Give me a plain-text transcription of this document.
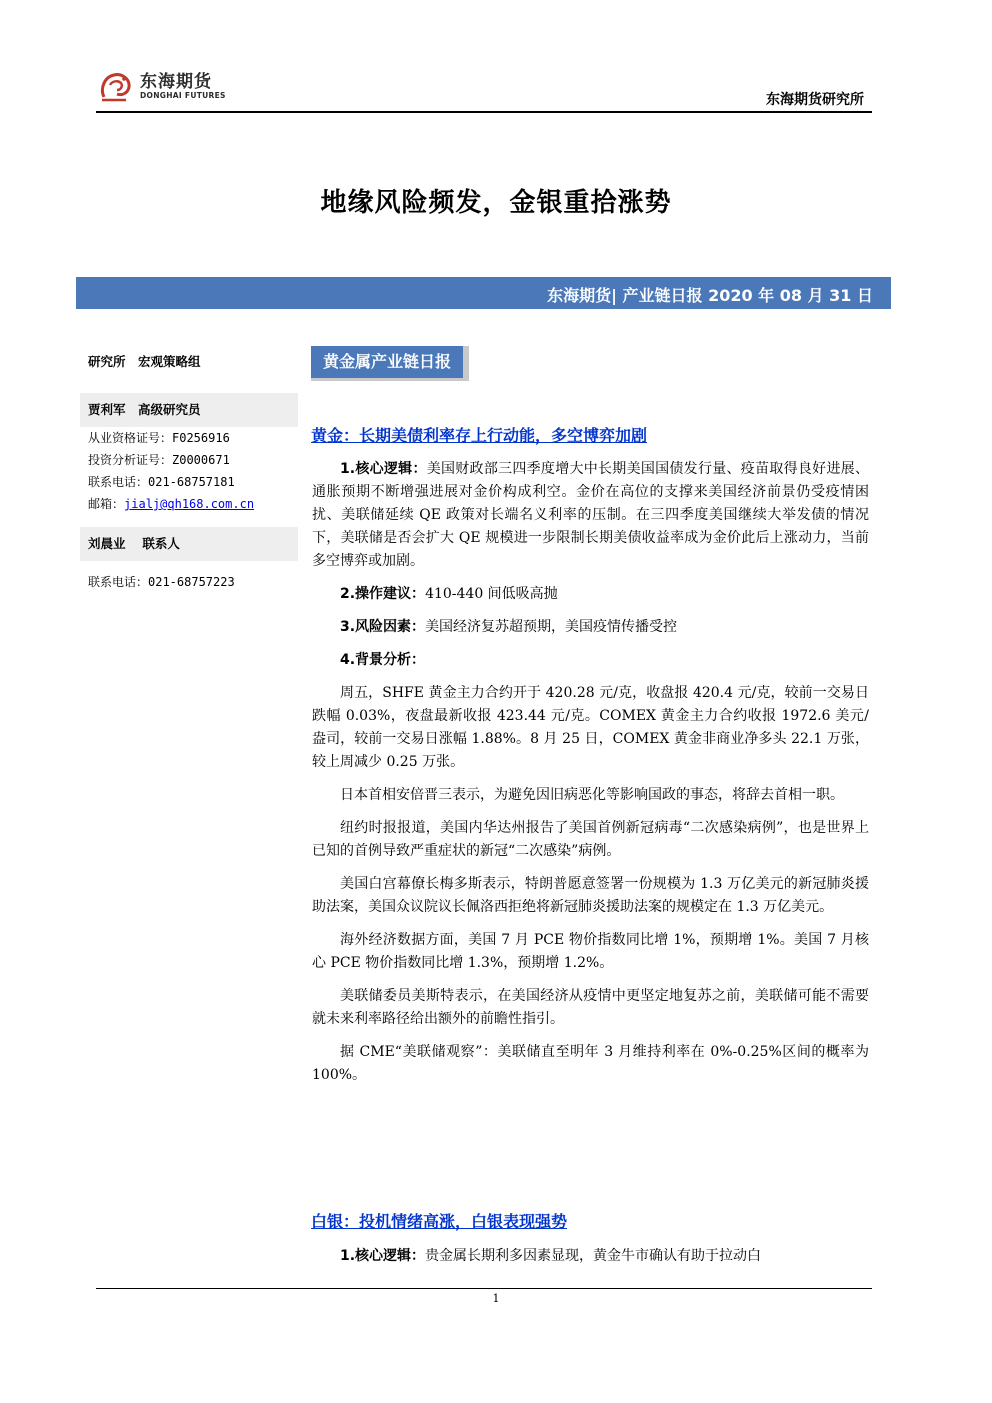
东海期货
DONGHAI FUTURES	东海期货研究所
地缘风险频发，金银重拾涨势
东海期货| 产业链日报 2020 年 08 月 31 日
研究所　宏观策略组
贾利军　高级研究员
从业资格证号：F0256916
投资分析证号：Z0000671
联系电话：021-68757181
邮箱：jialj@qh168.com.cn
刘晨业　 联系人
联系电话：021-68757223
黄金属产业链日报
黄金：长期美债利率存上行动能，多空博弈加剧

1.核心逻辑：美国财政部三四季度增大中长期美国国债发行量、疫苗取得良好进展、通胀预期不断增强进展对金价构成利空。金价在高位的支撑来美国经济前景仍受疫情困扰、美联储延续 QE 政策对长端名义利率的压制。在三四季度美国继续大举发债的情况下，美联储是否会扩大 QE 规模进一步限制长期美债收益率成为金价此后上涨动力，当前多空博弈或加剧。

2.操作建议：410-440 间低吸高抛

3.风险因素：美国经济复苏超预期，美国疫情传播受控

4.背景分析：

周五，SHFE 黄金主力合约开于 420.28 元/克，收盘报 420.4 元/克，较前一交易日跌幅 0.03%，夜盘最新收报 423.44 元/克。COMEX 黄金主力合约收报 1972.6 美元/盎司，较前一交易日涨幅 1.88%。8 月 25 日，COMEX 黄金非商业净多头 22.1 万张，较上周减少 0.25 万张。

日本首相安倍晋三表示，为避免因旧病恶化等影响国政的事态，将辞去首相一职。

纽约时报报道，美国内华达州报告了美国首例新冠病毒“二次感染病例”，也是世界上已知的首例导致严重症状的新冠“二次感染”病例。

美国白宫幕僚长梅多斯表示，特朗普愿意签署一份规模为 1.3 万亿美元的新冠肺炎援助法案，美国众议院议长佩洛西拒绝将新冠肺炎援助法案的规模定在 1.3 万亿美元。

海外经济数据方面，美国 7 月 PCE 物价指数同比增 1%，预期增 1%。美国 7 月核心 PCE 物价指数同比增 1.3%，预期增 1.2%。

美联储委员美斯特表示，在美国经济从疫情中更坚定地复苏之前，美联储可能不需要就未来利率路径给出额外的前瞻性指引。

据 CME“美联储观察”：美联储直至明年 3 月维持利率在 0%-0.25%区间的概率为 100%。

白银：投机情绪高涨，白银表现强势

1.核心逻辑：贵金属长期利多因素显现，黄金牛市确认有助于拉动白

1
